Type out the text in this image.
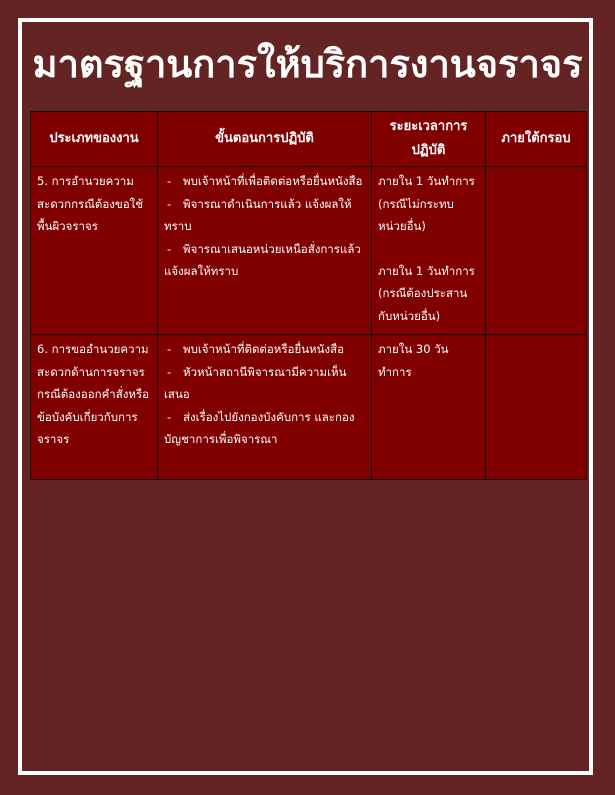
มาตรฐานการให้บริการงานจราจร
ประเภทของงาน	ขั้นตอนการปฏิบัติ	ระยะเวลาการปฏิบัติ	ภายใต้กรอบ
5. การอำนวยความสะดวกกรณีต้องขอใช้พื้นผิวจราจร	- พบเจ้าหน้าที่เพื่อติดต่อหรือยื่นหนังสือ
- พิจารณาดำเนินการแล้ว แจ้งผลให้ทราบ
- พิจารณาเสนอหน่วยเหนือสั่งการแล้วแจ้งผลให้ทราบ	ภายใน 1 วันทำการ (กรณีไม่กระทบหน่วยอื่น)
ภายใน 1 วันทำการ (กรณีต้องประสานกับหน่วยอื่น)	

6. การขออำนวยความสะดวกด้านการจราจร กรณีต้องออกคำสั่งหรือข้อบังคับเกี่ยวกับการจราจร	- พบเจ้าหน้าที่ติดต่อหรือยื่นหนังสือ
- หัวหน้าสถานีพิจารณามีความเห็นเสนอ
- ส่งเรื่องไปยังกองบังคับการ และกองบัญชาการเพื่อพิจารณา	ภายใน 30 วันทำการ	
